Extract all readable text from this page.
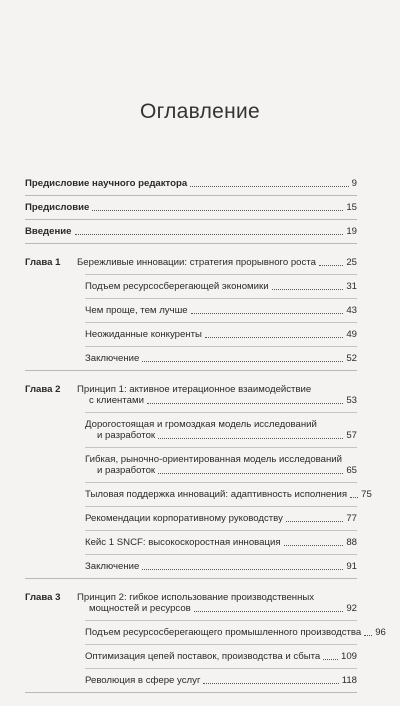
Оглавление
Предисловие научного редактора	9
Предисловие	15
Введение	19
Глава 1	Бережливые инновации: стратегия прорывного роста	25
Подъем ресурсосберегающей экономики	31
Чем проще, тем лучше	43
Неожиданные конкуренты	49
Заключение	52
Глава 2	Принцип 1: активное итерационное взаимодействие
с клиентами	53
Дорогостоящая и громоздкая модель исследований
и разработок	57
Гибкая, рыночно-ориентированная модель исследований
и разработок	65
Тыловая поддержка инноваций: адаптивность исполнения 75
Рекомендации корпоративному руководству	77
Кейс 1 SNCF: высокоскоростная инновация	88
Заключение	91
Глава 3	Принцип 2: гибкое использование производственных
мощностей и ресурсов	92
Подъем ресурсосберегающего промышленного производства 96
Оптимизация цепей поставок, производства и сбыта 109
Революция в сфере услуг	118
